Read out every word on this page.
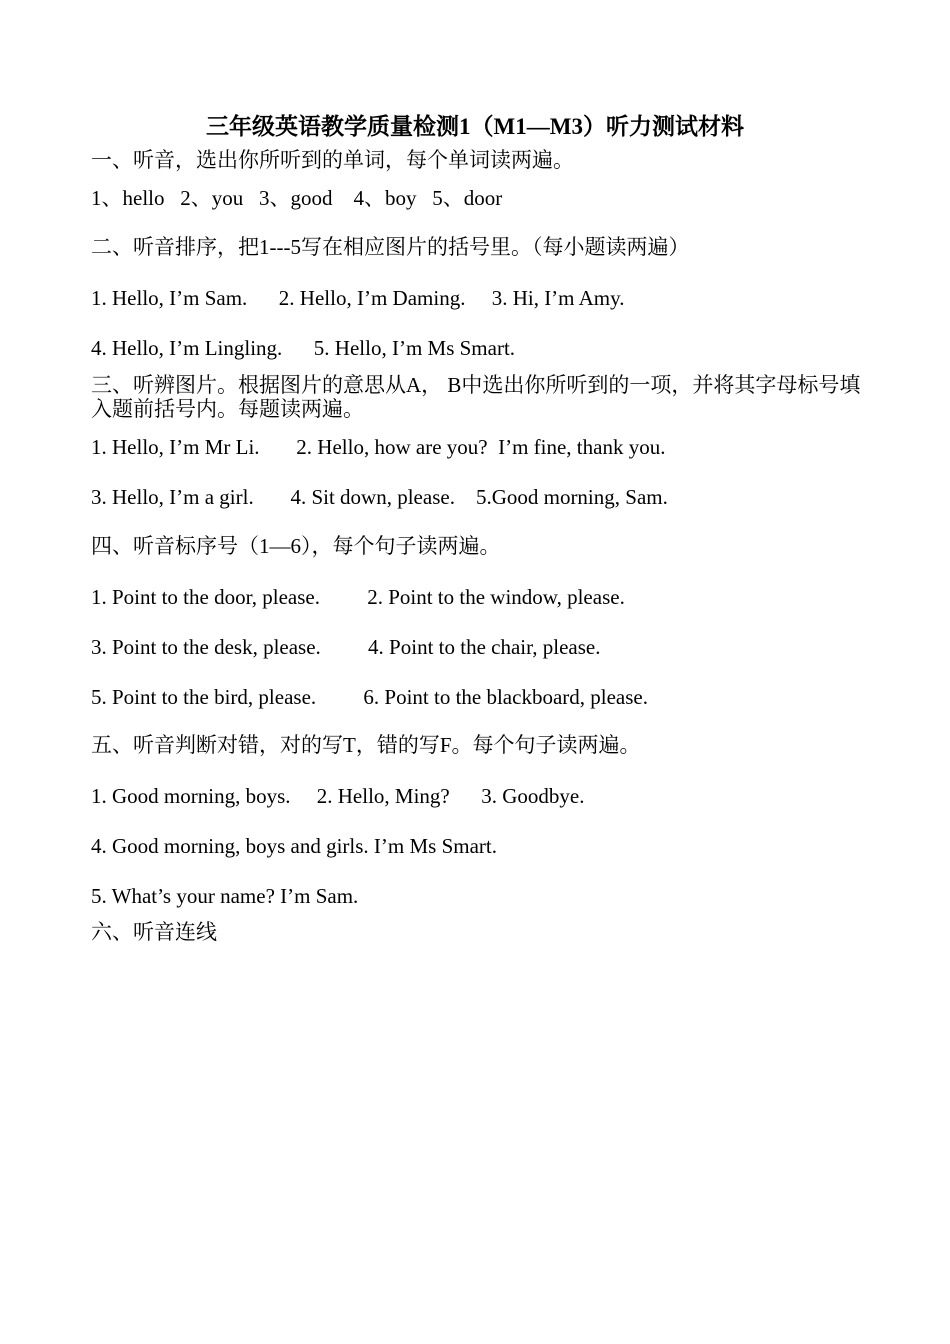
三年级英语教学质量检测1（M1—M3）听力测试材料
一、听音，选出你所听到的单词，每个单词读两遍。
1、hello   2、you   3、good    4、boy   5、door
二、听音排序，把1---5写在相应图片的括号里。（每小题读两遍）
1. Hello, I’m Sam.      2. Hello, I’m Daming.     3. Hi, I’m Amy.
4. Hello, I’m Lingling.      5. Hello, I’m Ms Smart.
三、听辨图片。根据图片的意思从A， B中选出你所听到的一项，并将其字母标号填入题前括号内。每题读两遍。
1. Hello, I’m Mr Li.       2. Hello, how are you?  I’m fine, thank you.
3. Hello, I’m a girl.       4. Sit down, please.    5.Good morning, Sam.
四、听音标序号（1—6），每个句子读两遍。
1. Point to the door, please.         2. Point to the window, please.
3. Point to the desk, please.         4. Point to the chair, please.
5. Point to the bird, please.         6. Point to the blackboard, please.
五、听音判断对错，对的写T，错的写F。每个句子读两遍。
1. Good morning, boys.     2. Hello, Ming?      3. Goodbye.
4. Good morning, boys and girls. I’m Ms Smart.
5. What’s your name? I’m Sam.
六、听音连线
